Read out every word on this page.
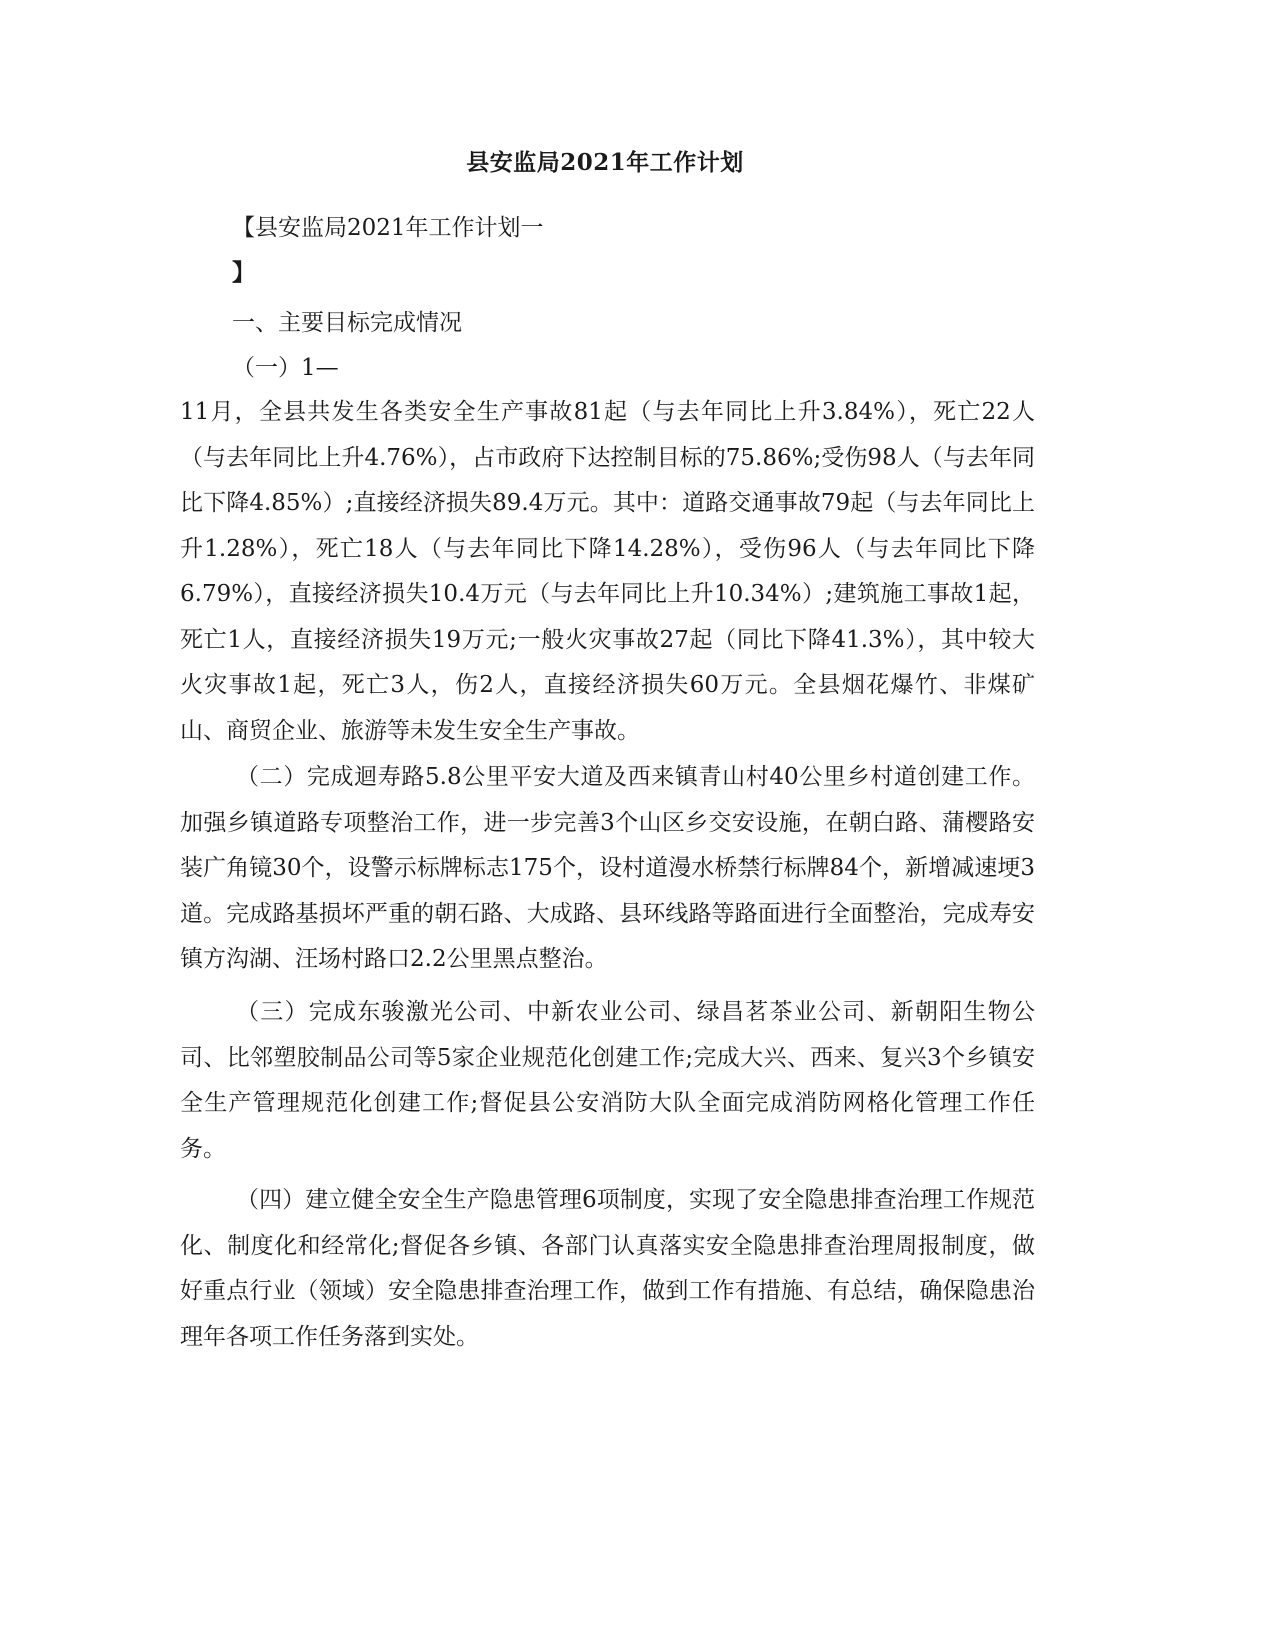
县安监局2021年工作计划
【县安监局2021年工作计划一
】
一、主要目标完成情况
（一）1—

11月，全县共发生各类安全生产事故81起（与去年同比上升3.84%），死亡22人（与去年同比上升4.76%），占市政府下达控制目标的75.86%;受伤98人（与去年同比下降4.85%）;直接经济损失89.4万元。其中：道路交通事故79起（与去年同比上升1.28%），死亡18人（与去年同比下降14.28%），受伤96人（与去年同比下降6.79%），直接经济损失10.4万元（与去年同比上升10.34%）;建筑施工事故1起，死亡1人，直接经济损失19万元;一般火灾事故27起（同比下降41.3%），其中较大火灾事故1起，死亡3人，伤2人，直接经济损失60万元。全县烟花爆竹、非煤矿山、商贸企业、旅游等未发生安全生产事故。

（二）完成迴寿路5.8公里平安大道及西来镇青山村40公里乡村道创建工作。加强乡镇道路专项整治工作，进一步完善3个山区乡交安设施，在朝白路、蒲樱路安装广角镜30个，设警示标牌标志175个，设村道漫水桥禁行标牌84个，新增减速埂3道。完成路基损坏严重的朝石路、大成路、县环线路等路面进行全面整治，完成寿安镇方沟湖、汪场村路口2.2公里黑点整治。

（三）完成东骏激光公司、中新农业公司、绿昌茗茶业公司、新朝阳生物公司、比邻塑胶制品公司等5家企业规范化创建工作;完成大兴、西来、复兴3个乡镇安全生产管理规范化创建工作;督促县公安消防大队全面完成消防网格化管理工作任务。

（四）建立健全安全生产隐患管理6项制度，实现了安全隐患排查治理工作规范化、制度化和经常化;督促各乡镇、各部门认真落实安全隐患排查治理周报制度，做好重点行业（领域）安全隐患排查治理工作，做到工作有措施、有总结，确保隐患治理年各项工作任务落到实处。
